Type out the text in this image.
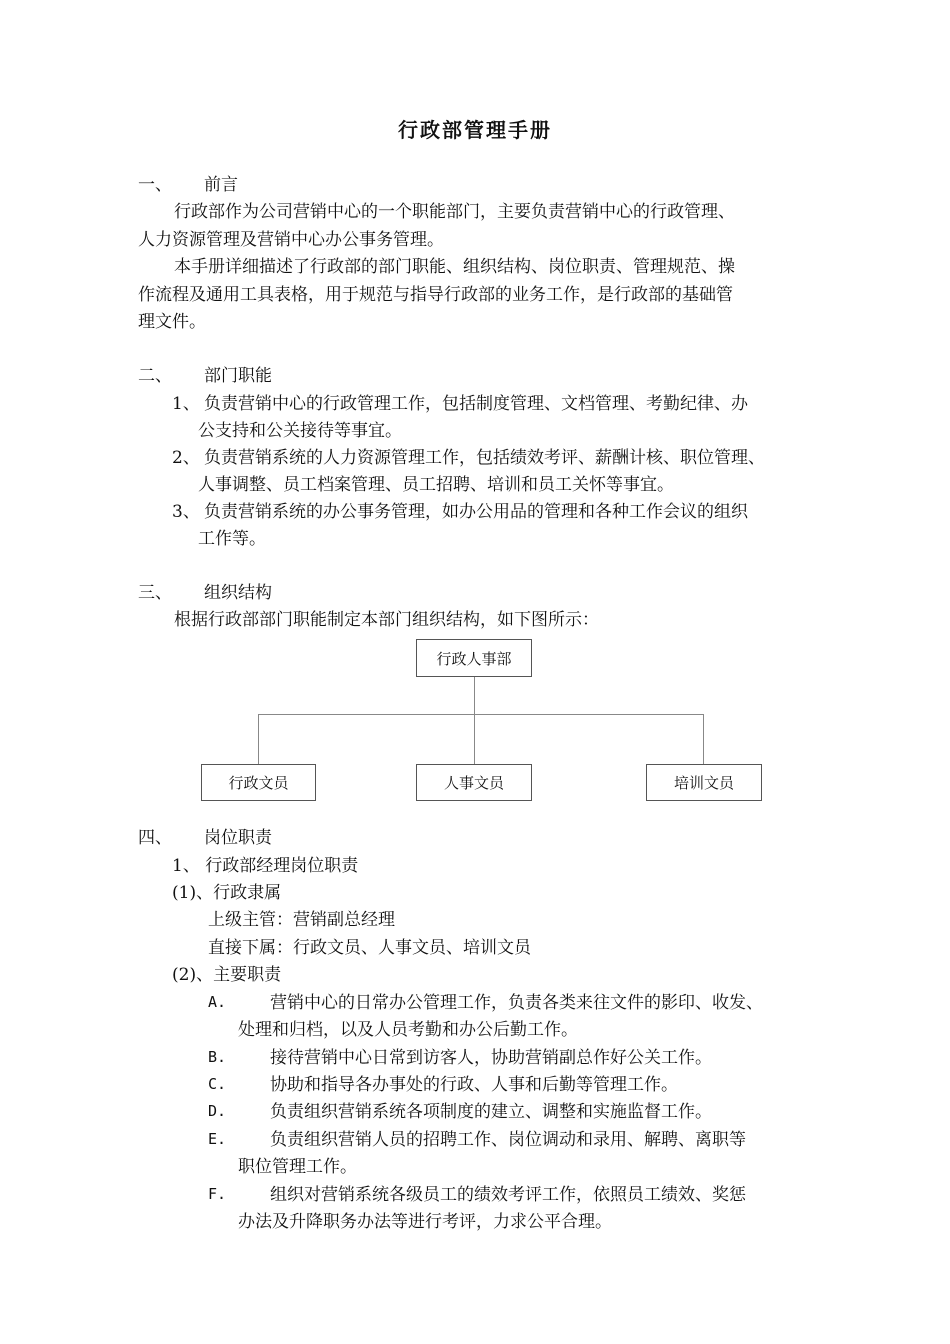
行政部管理手册
一、 前言
行政部作为公司营销中心的一个职能部门，主要负责营销中心的行政管理、
人力资源管理及营销中心办公事务管理。
本手册详细描述了行政部的部门职能、组织结构、岗位职责、管理规范、操
作流程及通用工具表格，用于规范与指导行政部的业务工作，是行政部的基础管
理文件。
二、 部门职能
1、 负责营销中心的行政管理工作，包括制度管理、文档管理、考勤纪律、办
公支持和公关接待等事宜。
2、 负责营销系统的人力资源管理工作，包括绩效考评、薪酬计核、职位管理、
人事调整、员工档案管理、员工招聘、培训和员工关怀等事宜。
3、 负责营销系统的办公事务管理，如办公用品的管理和各种工作会议的组织
工作等。
三、 组织结构
根据行政部部门职能制定本部门组织结构，如下图所示：
行政人事部
行政文员	人事文员	培训文员
四、 岗位职责
1、 行政部经理岗位职责
(1)、行政隶属
上级主管：营销副总经理
直接下属：行政文员、人事文员、培训文员
(2)、主要职责
A.	营销中心的日常办公管理工作，负责各类来往文件的影印、收发、
处理和归档，以及人员考勤和办公后勤工作。
B.	接待营销中心日常到访客人，协助营销副总作好公关工作。
C.	协助和指导各办事处的行政、人事和后勤等管理工作。
D.	负责组织营销系统各项制度的建立、调整和实施监督工作。
E.	负责组织营销人员的招聘工作、岗位调动和录用、解聘、离职等
职位管理工作。
F.	组织对营销系统各级员工的绩效考评工作，依照员工绩效、奖惩
办法及升降职务办法等进行考评，力求公平合理。
